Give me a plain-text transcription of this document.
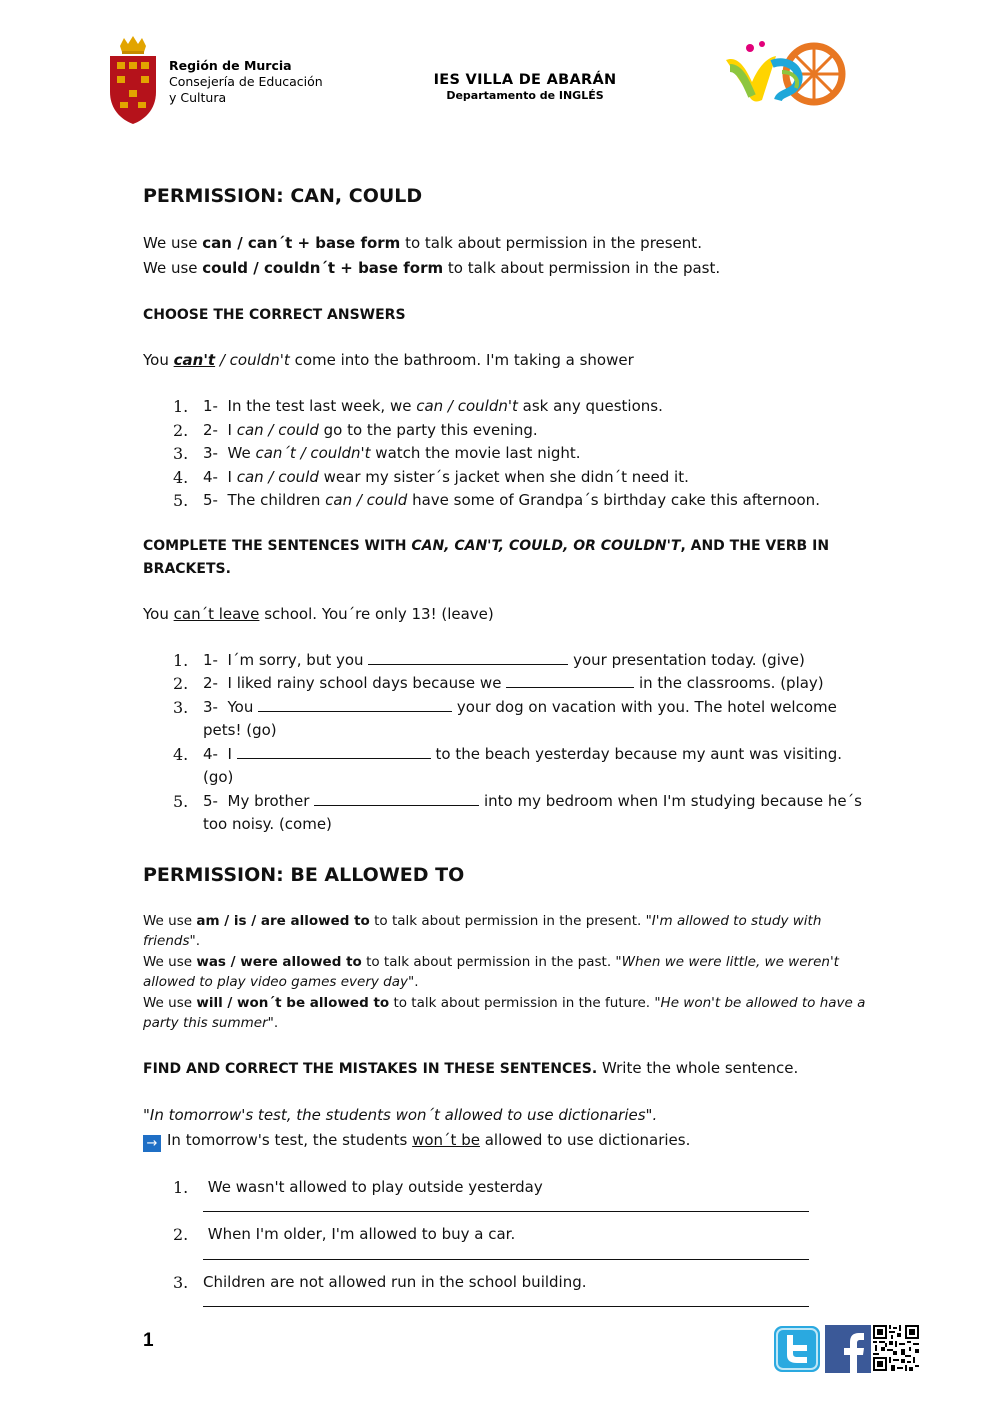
Región de Murcia
Consejería de Educación
y Cultura
IES VILLA DE ABARÁN
Departamento de INGLÉS
PERMISSION: CAN, COULD

We use can / can´t + base form to talk about permission in the present.

We use could / couldn´t + base form to talk about permission in the past.

CHOOSE THE CORRECT ANSWERS

You can't / couldn't come into the bathroom. I'm taking a shower

1. 1- In the test last week, we can / couldn't ask any questions.
2. 2- I can / could go to the party this evening.
3. 3- We can´t / couldn't watch the movie last night.
4. 4- I can / could wear my sister´s jacket when she didn´t need it.
5. 5- The children can / could have some of Grandpa´s birthday cake this afternoon.

COMPLETE THE SENTENCES WITH CAN, CAN'T, COULD, OR COULDN'T, AND THE VERB IN BRACKETS.

You can´t leave school. You´re only 13! (leave)

1. 1- I´m sorry, but you	your presentation today. (give)
2. 2- I liked rainy school days because we	in the classrooms. (play)
3. 3- You	your dog on vacation with you. The hotel welcome pets! (go)
4. 4- I	to the beach yesterday because my aunt was visiting. (go)
5. 5- My brother	into my bedroom when I'm studying because he´s too noisy. (come)
PERMISSION: BE ALLOWED TO

We use am / is / are allowed to to talk about permission in the present. "I'm allowed to study with friends".

We use was / were allowed to to talk about permission in the past. "When we were little, we weren't allowed to play video games every day".

We use will / won´t be allowed to to talk about permission in the future. "He won't be allowed to have a party this summer".

FIND AND CORRECT THE MISTAKES IN THESE SENTENCES. Write the whole sentence.

"In tomorrow's test, the students won´t allowed to use dictionaries".

→ In tomorrow's test, the students won´t be allowed to use dictionaries.

1. We wasn't allowed to play outside yesterday
2. When I'm older, I'm allowed to buy a car.
3. Children are not allowed run in the school building.
1
